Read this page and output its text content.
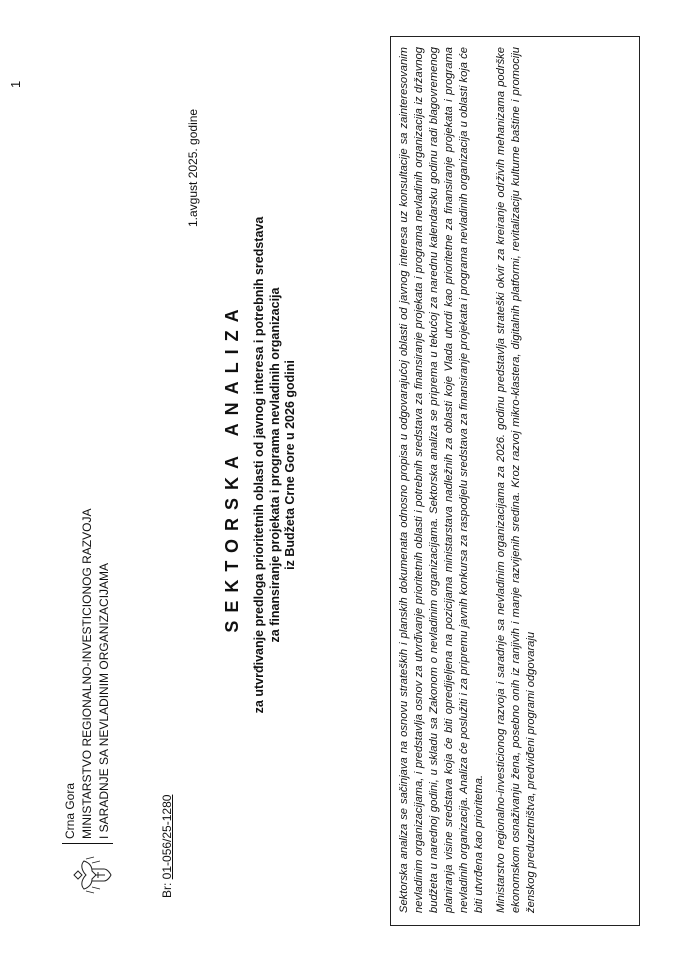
1
Crna Gora MINISTARSTVO REGIONALNO-INVESTICIONOG RAZVOJA I SARADNJE SA NEVLADINIM ORGANIZACIJAMA
Br: 01-056/25-1280
1.avgust 2025. godine
SEKTORSKA ANALIZA za utvrđivanje predloga prioritetnih oblasti od javnog interesa i potrebnih sredstava za finansiranje projekata i programa nevladinih organizacija iz Budžeta Crne Gore u 2026 godini	Sektorska analiza se sačinjava na osnovu strateških i planskih dokumenata odnosno propisa u odgovarajućoj oblasti od javnog interesa uz konsultacije sa zainteresovanim nevladinim organizacijama, i predstavlja osnov za utvrđivanje prioritetnih oblasti i potrebnih sredstava za finansiranje projekata i programa nevladinih organizacija iz državnog budžeta u narednoj godini, u skladu sa Zakonom o nevladinim organizacijama. Sektorska analiza se priprema u tekućoj za narednu kalendarsku godinu radi blagovremenog planiranja visine sredstava koja će biti opredijeljena na pozicijama ministarstava nadležnih za oblasti koje Vlada utvrdi kao prioritetne za finansiranje projekata i programa nevladinih organizacija. Analiza će poslužiti i za pripremu javnih konkursa za raspodjelu sredstava za finansiranje projekata i programa nevladinih organizacija u oblasti koja će biti utvrđena kao prioritetna. Ministarstvo regionalno-investicionog razvoja i saradnje sa nevladinim organizacijama za 2026. godinu predstavlja strateški okvir za kreiranje održivih mehanizama podrške ekonomskom osnaživanju žena, posebno onih iz ranjivih i manje razvijenih sredina. Kroz razvoj mikro-klastera, digitalnih platformi, revitalizaciju kulturne baštine i promociju ženskog preduzetništva, predviđeni programi odgovaraju
